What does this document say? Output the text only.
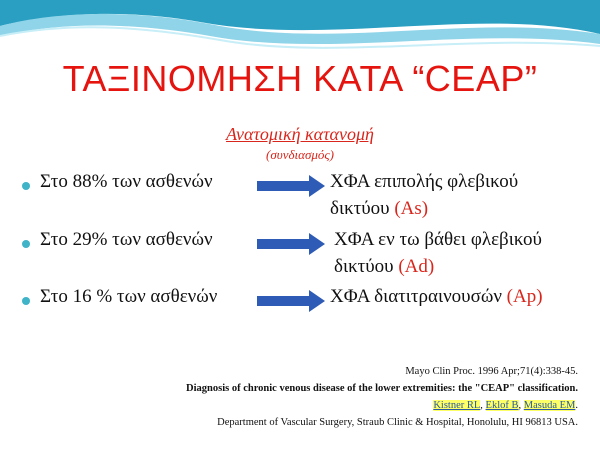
ΤΑΞΙΝΟΜΗΣΗ ΚΑΤΑ “CEAP”
Ανατομική κατανομή
(συνδιασμός)
Στο 88% των ασθενών	ΧΦΑ επιπολής φλεβικού
δικτύου (As)
Στο 29% των ασθενών	ΧΦΑ εν τω βάθει φλεβικού
δικτύου (Ad)
Στο 16 % των ασθενών	ΧΦΑ διατιτραινουσών (Ap)
Mayo Clin Proc. 1996 Apr;71(4):338-45.
Diagnosis of chronic venous disease of the lower extremities: the "CEAP" classification.
Kistner RL, Eklof B, Masuda EM.
Department of Vascular Surgery, Straub Clinic & Hospital, Honolulu, HI 96813 USA.
